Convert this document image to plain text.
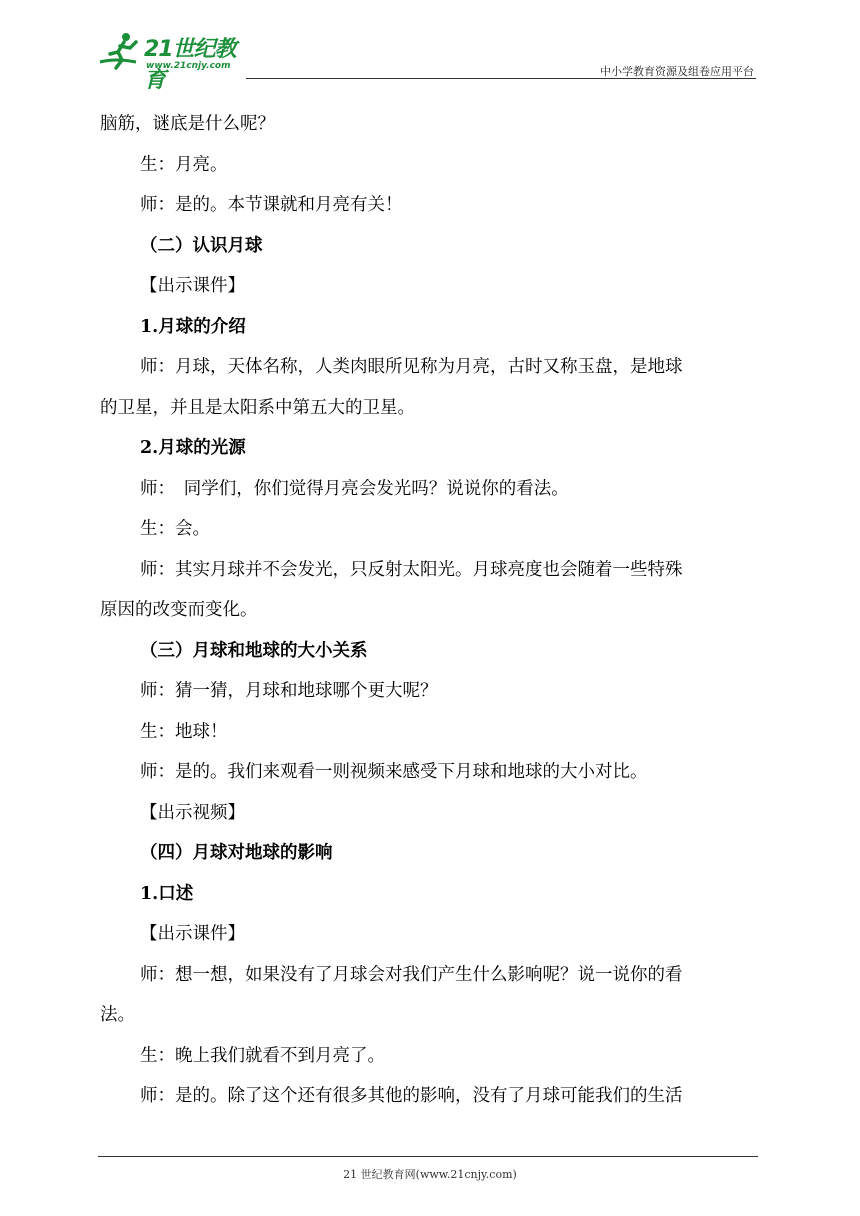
21世纪教育
www.21cnjy.com	中小学教育资源及组卷应用平台
脑筋，谜底是什么呢？
生：月亮。
师：是的。本节课就和月亮有关！
（二）认识月球
【出示课件】
1.月球的介绍
师：月球，天体名称，人类肉眼所见称为月亮，古时又称玉盘，是地球
的卫星，并且是太阳系中第五大的卫星。
2.月球的光源
师：　同学们，你们觉得月亮会发光吗？说说你的看法。
生：会。
师：其实月球并不会发光，只反射太阳光。月球亮度也会随着一些特殊
原因的改变而变化。
（三）月球和地球的大小关系
师：猜一猜，月球和地球哪个更大呢？
生：地球！
师：是的。我们来观看一则视频来感受下月球和地球的大小对比。
【出示视频】
（四）月球对地球的影响
1.口述
【出示课件】
师：想一想，如果没有了月球会对我们产生什么影响呢？说一说你的看
法。
生：晚上我们就看不到月亮了。
师：是的。除了这个还有很多其他的影响，没有了月球可能我们的生活
21 世纪教育网(www.21cnjy.com)
